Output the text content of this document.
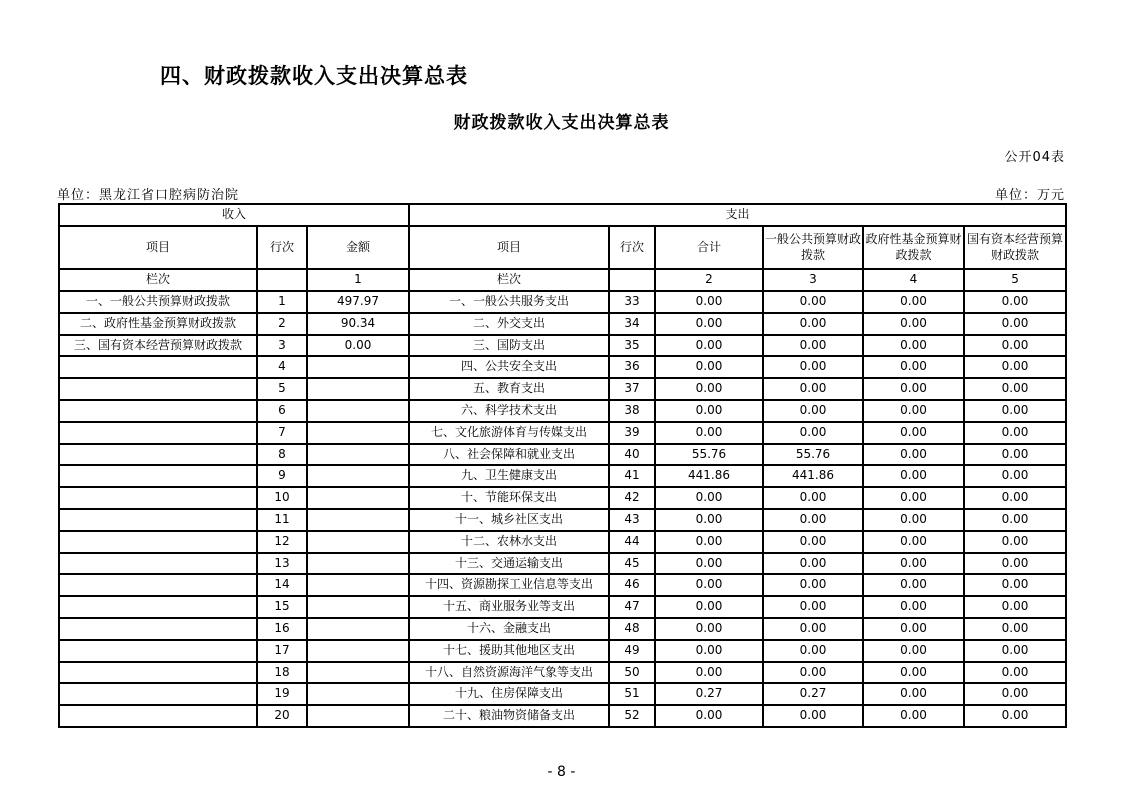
四、财政拨款收入支出决算总表
财政拨款收入支出决算总表
公开04表
单位：黑龙江省口腔病防治院	单位：万元
收入			支出					
项目	行次	金额	项目	行次	合计	一般公共预算财政拨款	政府性基金预算财政拨款	国有资本经营预算财政拨款
栏次		1	栏次		2	3	4	5
一、一般公共预算财政拨款	1	497.97	一、一般公共服务支出	33	0.00	0.00	0.00	0.00
二、政府性基金预算财政拨款	2	90.34	二、外交支出	34	0.00	0.00	0.00	0.00
三、国有资本经营预算财政拨款	3	0.00	三、国防支出	35	0.00	0.00	0.00	0.00
	4		四、公共安全支出	36	0.00	0.00	0.00	0.00
	5		五、教育支出	37	0.00	0.00	0.00	0.00
	6		六、科学技术支出	38	0.00	0.00	0.00	0.00
	7		七、文化旅游体育与传媒支出	39	0.00	0.00	0.00	0.00
	8		八、社会保障和就业支出	40	55.76	55.76	0.00	0.00
	9		九、卫生健康支出	41	441.86	441.86	0.00	0.00
	10		十、节能环保支出	42	0.00	0.00	0.00	0.00
	11		十一、城乡社区支出	43	0.00	0.00	0.00	0.00
	12		十二、农林水支出	44	0.00	0.00	0.00	0.00
	13		十三、交通运输支出	45	0.00	0.00	0.00	0.00
	14		十四、资源勘探工业信息等支出	46	0.00	0.00	0.00	0.00
	15		十五、商业服务业等支出	47	0.00	0.00	0.00	0.00
	16		十六、金融支出	48	0.00	0.00	0.00	0.00
	17		十七、援助其他地区支出	49	0.00	0.00	0.00	0.00
	18		十八、自然资源海洋气象等支出	50	0.00	0.00	0.00	0.00
	19		十九、住房保障支出	51	0.27	0.27	0.00	0.00
	20		二十、粮油物资储备支出	52	0.00	0.00	0.00	0.00
- 8 -
